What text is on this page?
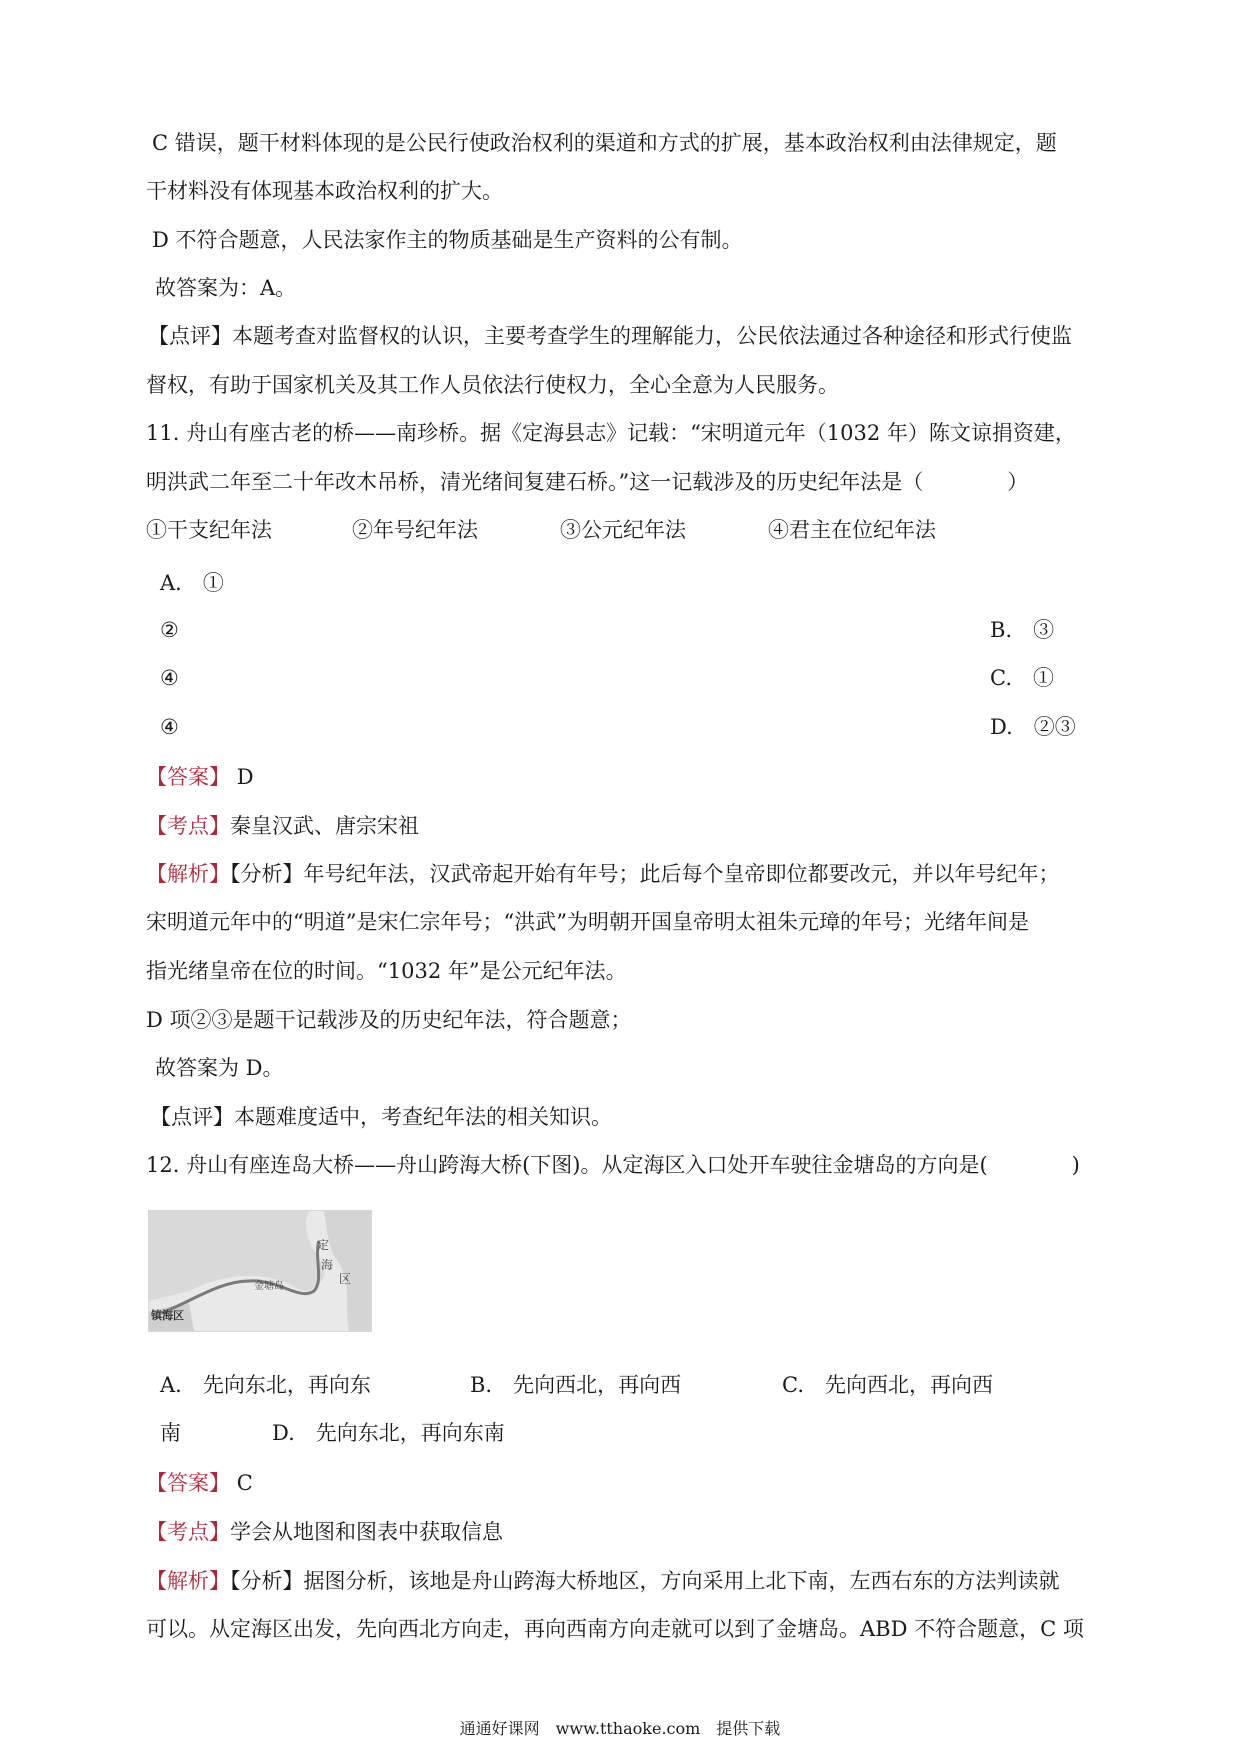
C 错误，题干材料体现的是公民行使政治权利的渠道和方式的扩展，基本政治权利由法律规定，题
干材料没有体现基本政治权利的扩大。
D 不符合题意，人民法家作主的物质基础是生产资料的公有制。
故答案为：A。
【点评】本题考查对监督权的认识，主要考查学生的理解能力，公民依法通过各种途径和形式行使监
督权，有助于国家机关及其工作人员依法行使权力，全心全意为人民服务。
11. 舟山有座古老的桥——南珍桥。据《定海县志》记载：“宋明道元年（1032 年）陈文谅捐资建，
明洪武二年至二十年改木吊桥，清光绪间复建石桥。”这一记载涉及的历史纪年法是（　　　　）
①干支纪年法	②年号纪年法	③公元纪年法	④君主在位纪年法
A.　①
②	B.　③
④	C.　①
④	D.　②③
【答案】 D
【考点】秦皇汉武、唐宗宋祖
【解析】【分析】年号纪年法，汉武帝起开始有年号；此后每个皇帝即位都要改元，并以年号纪年；
宋明道元年中的“明道”是宋仁宗年号；“洪武”为明朝开国皇帝明太祖朱元璋的年号；光绪年间是
指光绪皇帝在位的时间。“1032 年”是公元纪年法。
D 项②③是题干记载涉及的历史纪年法，符合题意；
故答案为 D。
【点评】本题难度适中，考查纪年法的相关知识。
12. 舟山有座连岛大桥——舟山跨海大桥(下图)。从定海区入口处开车驶往金塘岛的方向是(　　　　)
定
海
区
金塘岛
镇海区
A.　先向东北，再向东	B.　先向西北，再向西	C.　先向西北，再向西
南	D.　先向东北，再向东南
【答案】 C
【考点】学会从地图和图表中获取信息
【解析】【分析】据图分析，该地是舟山跨海大桥地区，方向采用上北下南，左西右东的方法判读就
可以。从定海区出发，先向西北方向走，再向西南方向走就可以到了金塘岛。ABD 不符合题意，C 项
通通好课网　www.tthaoke.com　提供下载
